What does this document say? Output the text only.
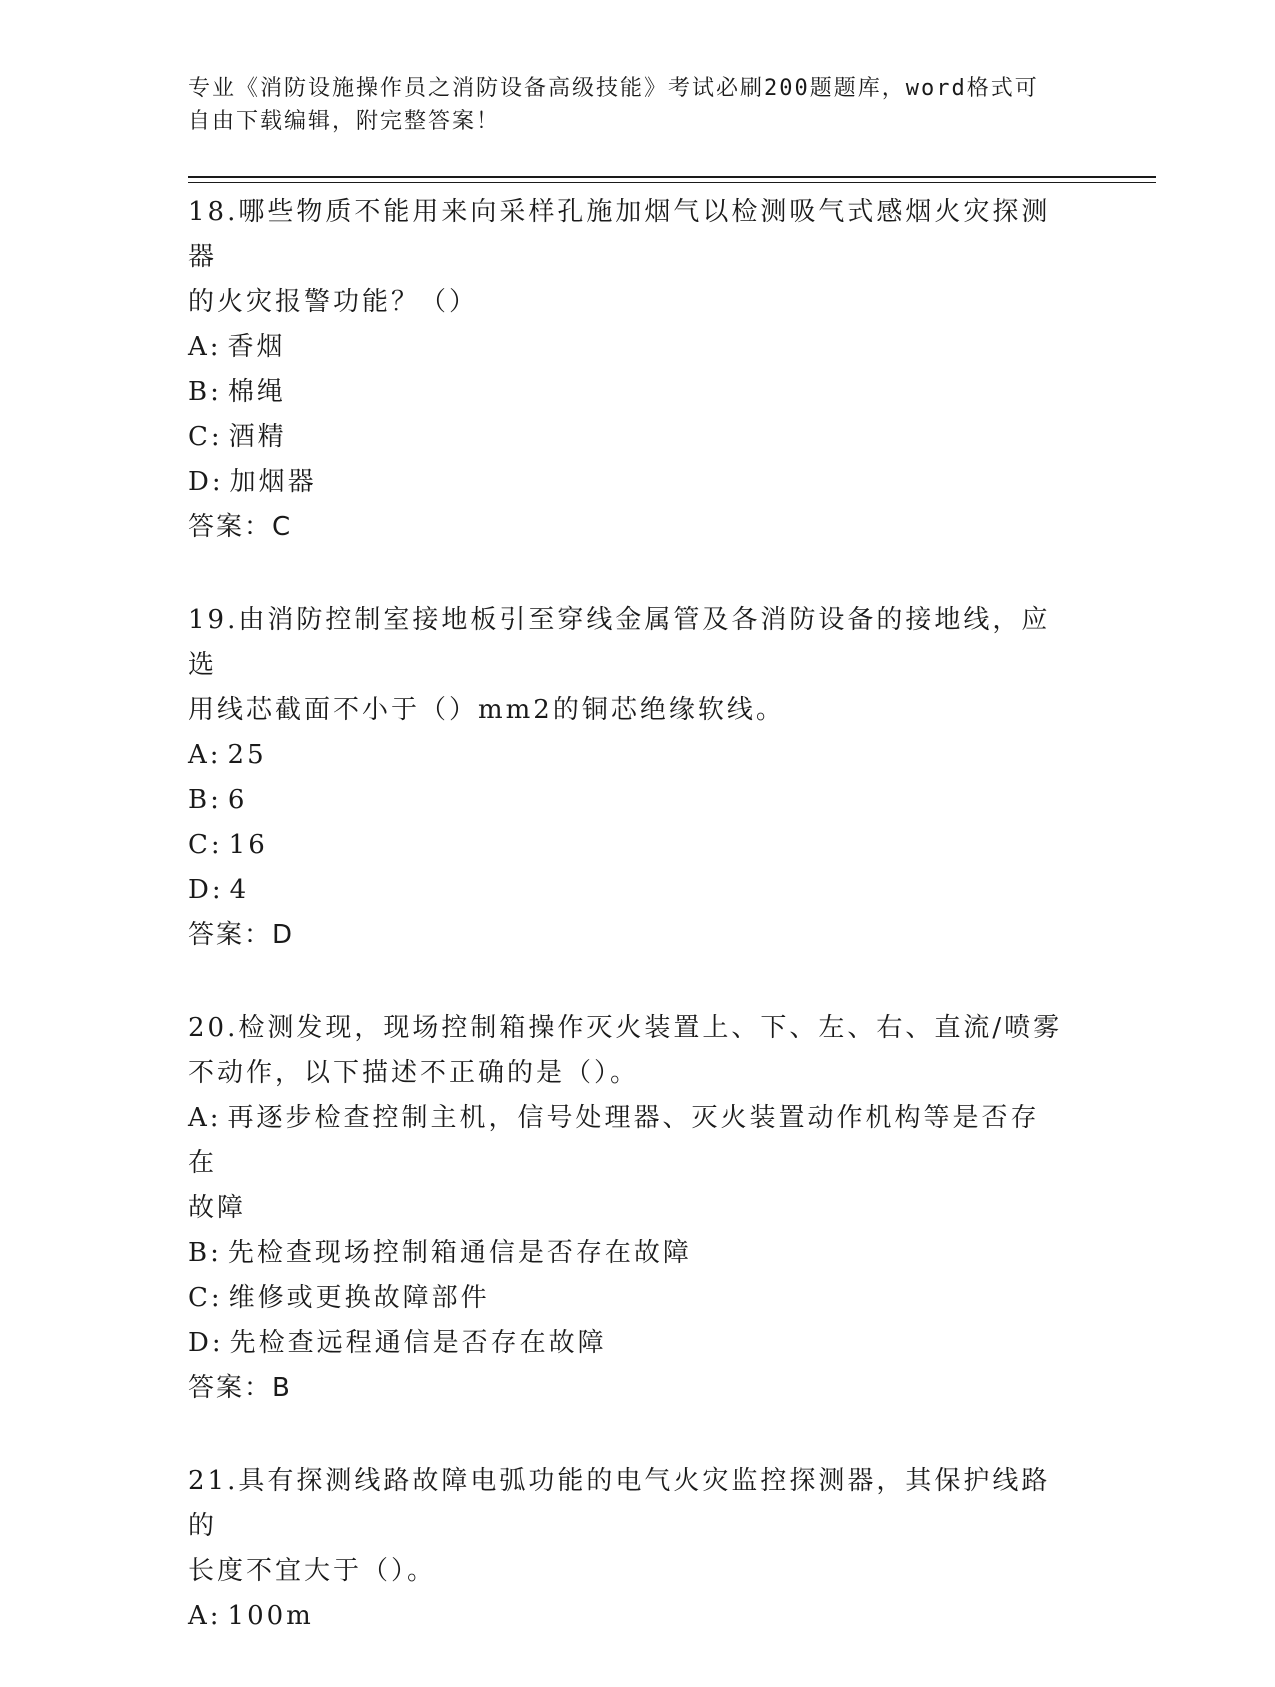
专业《消防设施操作员之消防设备高级技能》考试必刷200题题库，word格式可
自由下载编辑，附完整答案！

18.哪些物质不能用来向采样孔施加烟气以检测吸气式感烟火灾探测器

的火灾报警功能？（）

A: 香烟

B: 棉绳

C: 酒精

D: 加烟器

答案：C

19.由消防控制室接地板引至穿线金属管及各消防设备的接地线，应选

用线芯截面不小于（）mm2的铜芯绝缘软线。

A: 25

B: 6

C: 16

D: 4

答案：D

20.检测发现，现场控制箱操作灭火装置上、下、左、右、直流/喷雾

不动作，以下描述不正确的是（）。

A: 再逐步检查控制主机，信号处理器、灭火装置动作机构等是否存在

故障

B: 先检查现场控制箱通信是否存在故障

C: 维修或更换故障部件

D: 先检查远程通信是否存在故障

答案：B

21.具有探测线路故障电弧功能的电气火灾监控探测器，其保护线路的

长度不宜大于（）。

A: 100m
